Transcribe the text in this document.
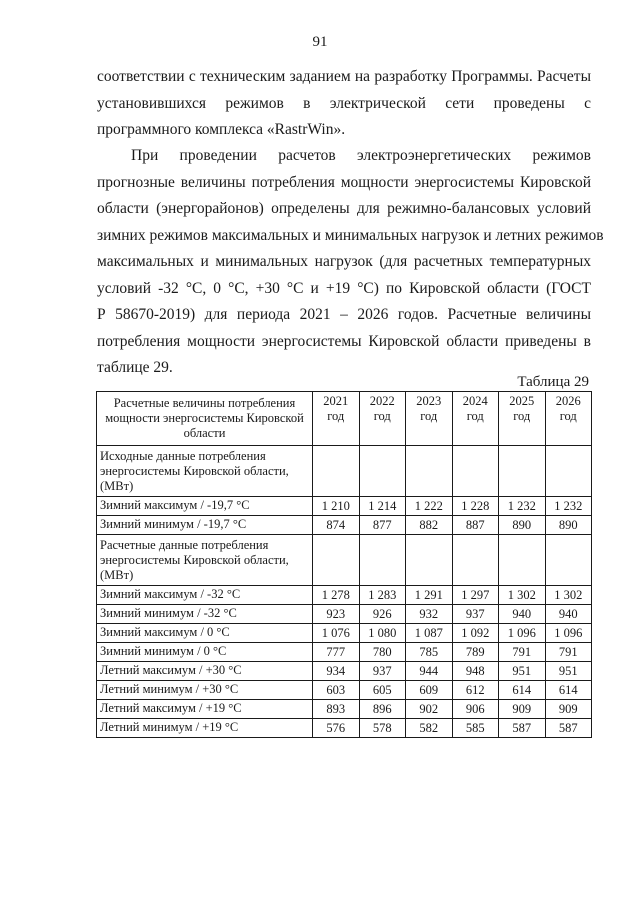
91
соответствии с техническим заданием на разработку Программы. Расчеты
установившихся режимов в электрической сети проведены с
программного комплекса «RastrWin».
При проведении расчетов электроэнергетических режимов
прогнозные величины потребления мощности энергосистемы Кировской
области (энергорайонов) определены для режимно-балансовых условий
зимних режимов максимальных и минимальных нагрузок и летних режимов
максимальных и минимальных нагрузок (для расчетных температурных
условий -32 °С, 0 °С, +30 °С и +19 °С) по Кировской области (ГОСТ
Р 58670-2019) для периода 2021 – 2026 годов. Расчетные величины
потребления мощности энергосистемы Кировской области приведены в
таблице 29.
Таблица 29
Расчетные величины потребления мощности энергосистемы Кировской области	2021 год	2022 год	2023 год	2024 год	2025 год	2026 год
Исходные данные потребления энергосистемы Кировской области, (МВт)						
Зимний максимум / -19,7 °С	1 210	1 214	1 222	1 228	1 232	1 232
Зимний минимум / -19,7 °С	874	877	882	887	890	890
Расчетные данные потребления энергосистемы Кировской области, (МВт)						
Зимний максимум / -32 °С	1 278	1 283	1 291	1 297	1 302	1 302
Зимний минимум / -32 °С	923	926	932	937	940	940
Зимний максимум / 0 °С	1 076	1 080	1 087	1 092	1 096	1 096
Зимний минимум / 0 °С	777	780	785	789	791	791
Летний максимум / +30 °С	934	937	944	948	951	951
Летний минимум / +30 °С	603	605	609	612	614	614
Летний максимум / +19 °С	893	896	902	906	909	909
Летний минимум / +19 °С	576	578	582	585	587	587
